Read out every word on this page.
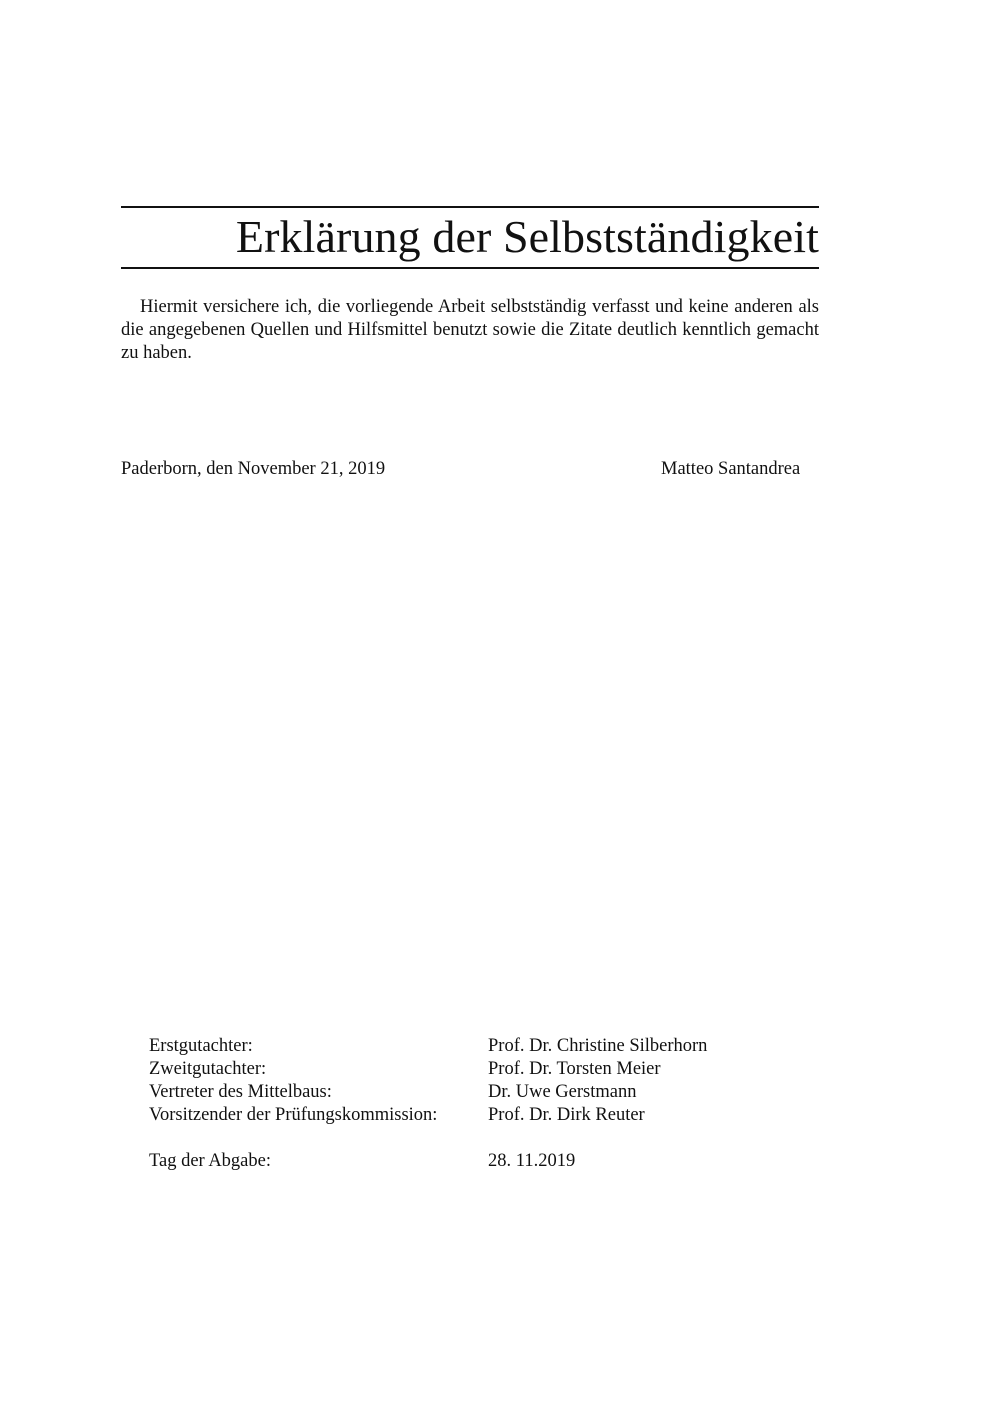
Erklärung der Selbstständigkeit

Hiermit versichere ich, die vorliegende Arbeit selbstständig verfasst und keine anderen als die angegebenen Quellen und Hilfsmittel benutzt sowie die Zitate deutlich kenntlich gemacht zu haben.

Paderborn, den November 21, 2019	Matteo Santandrea
Erstgutachter:	Prof. Dr. Christine Silberhorn
Zweitgutachter:	Prof. Dr. Torsten Meier
Vertreter des Mittelbaus:	Dr. Uwe Gerstmann
Vorsitzender der Prüfungskommission:	Prof. Dr. Dirk Reuter
Tag der Abgabe:	28. 11.2019
